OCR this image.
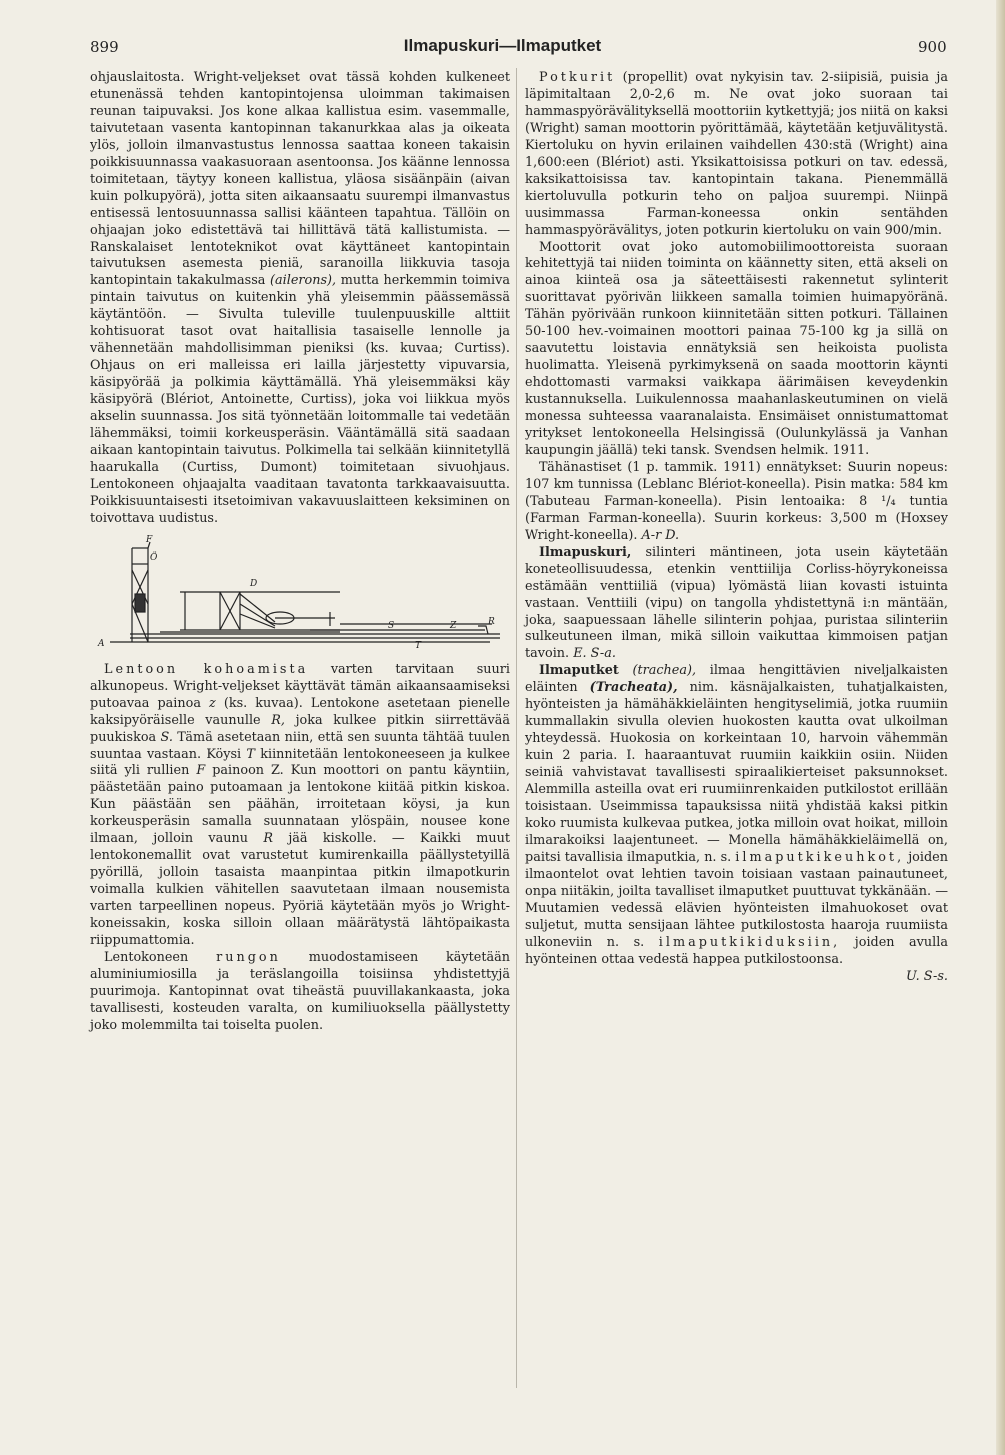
899	Ilmapuskuri—Ilmaputket	900

ohjauslaitosta. Wright-veljekset ovat tässä kohden kulkeneet etunenässä tehden kantopintojensa uloimman takimaisen reunan taipuvaksi. Jos kone alkaa kallistua esim. vasemmalle, taivutetaan vasenta kantopinnan takanurkkaa alas ja oikeata ylös, jolloin ilmanvastustus lennossa saattaa koneen takaisin poikkisuunnassa vaakasuoraan asentoonsa. Jos käänne lennossa toimitetaan, täytyy koneen kallistua, yläosa sisäänpäin (aivan kuin polkupyörä), jotta siten aikaansaatu suurempi ilmanvastus entisessä lentosuunnassa sallisi käänteen tapahtua. Tällöin on ohjaajan joko edistettävä tai hillittävä tätä kallistumista. — Ranskalaiset lentoteknikot ovat käyttäneet kantopintain taivutuksen asemesta pieniä, saranoilla liikkuvia tasoja kantopintain takakulmassa (ailerons), mutta herkemmin toimiva pintain taivutus on kuitenkin yhä yleisemmin päässemässä käytäntöön. — Sivulta tuleville tuulenpuuskille alttiit kohtisuorat tasot ovat haitallisia tasaiselle lennolle ja vähennetään mahdollisimman pieniksi (ks. kuvaa; Curtiss). Ohjaus on eri malleissa eri lailla järjestetty vipuvarsia, käsipyörää ja polkimia käyttämällä. Yhä yleisemmäksi käy käsipyörä (Blériot, Antoinette, Curtiss), joka voi liikkua myös akselin suunnassa. Jos sitä työnnetään loitommalle tai vedetään lähemmäksi, toimii korkeusperäsin. Vääntämällä sitä saadaan aikaan kantopintain taivutus. Polkimella tai selkään kiinnitetyllä haarukalla (Curtiss, Dumont) toimitetaan sivuohjaus. Lentokoneen ohjaajalta vaaditaan tavatonta tarkkaavaisuutta. Poikkisuuntaisesti itsetoimivan vakavuuslaitteen keksiminen on toivottava uudistus.

F
Ö
D
R
S	Z
A	T

Lentoon kohoamista varten tarvitaan suuri alkunopeus. Wright-veljekset käyttävät tämän aikaansaamiseksi putoavaa painoa z (ks. kuvaa). Lentokone asetetaan pienelle kaksipyöräiselle vaunulle R, joka kulkee pitkin siirrettävää puukiskoa S. Tämä asetetaan niin, että sen suunta tähtää tuulen suuntaa vastaan. Köysi T kiinnitetään lentokoneeseen ja kulkee siitä yli rullien F painoon Z. Kun moottori on pantu käyntiin, päästetään paino putoamaan ja lentokone kiitää pitkin kiskoa. Kun päästään sen päähän, irroitetaan köysi, ja kun korkeusperäsin samalla suunnataan ylöspäin, nousee kone ilmaan, jolloin vaunu R jää kiskolle. — Kaikki muut lentokonemallit ovat varustetut kumirenkailla päällystetyillä pyörillä, jolloin tasaista maanpintaa pitkin ilmapotkurin voimalla kulkien vähitellen saavutetaan ilmaan nousemista varten tarpeellinen nopeus. Pyöriä käytetään myös jo Wright-koneissakin, koska silloin ollaan määrätystä lähtöpaikasta riippumattomia.

Lentokoneen rungon muodostamiseen käytetään aluminiumiosilla ja teräslangoilla toisiinsa yhdistettyjä puurimoja. Kantopinnat ovat tiheästä puuvillakankaasta, joka tavallisesti, kosteuden varalta, on kumiliuoksella päällystetty joko molemmilta tai toiselta puolen.

Potkurit (propellit) ovat nykyisin tav. 2-siipisiä, puisia ja läpimitaltaan 2,0-2,6 m. Ne ovat joko suoraan tai hammaspyörävälityksellä moottoriin kytkettyjä; jos niitä on kaksi (Wright) saman moottorin pyörittämää, käytetään ketjuvälitystä. Kiertoluku on hyvin erilainen vaihdellen 430:stä (Wright) aina 1,600:een (Blériot) asti. Yksikattoisissa potkuri on tav. edessä, kaksikattoisissa tav. kantopintain takana. Pienemmällä kiertoluvulla potkurin teho on paljoa suurempi. Niinpä uusimmassa Farman-koneessa onkin sentähden hammaspyörävälitys, joten potkurin kiertoluku on vain 900/min.

Moottorit ovat joko automobiilimoottoreista suoraan kehitettyjä tai niiden toiminta on käännetty siten, että akseli on ainoa kiinteä osa ja säteettäisesti rakennetut sylinterit suorittavat pyörivän liikkeen samalla toimien huimapyöränä. Tähän pyörivään runkoon kiinnitetään sitten potkuri. Tällainen 50-100 hev.-voimainen moottori painaa 75-100 kg ja sillä on saavutettu loistavia ennätyksiä sen heikoista puolista huolimatta. Yleisenä pyrkimyksenä on saada moottorin käynti ehdottomasti varmaksi vaikkapa äärimäisen keveydenkin kustannuksella. Luikulennossa maahanlaskeutuminen on vielä monessa suhteessa vaaranalaista. Ensimäiset onnistumattomat yritykset lentokoneella Helsingissä (Oulunkylässä ja Vanhan kaupungin jäällä) teki tansk. Svendsen helmik. 1911.

Tähänastiset (1 p. tammik. 1911) ennätykset: Suurin nopeus: 107 km tunnissa (Leblanc Blériot-koneella). Pisin matka: 584 km (Tabuteau Farman-koneella). Pisin lentoaika: 8 ¹/₄ tuntia (Farman Farman-koneella). Suurin korkeus: 3,500 m (Hoxsey Wright-koneella). A-r D.

Ilmapuskuri, silinteri mäntineen, jota usein käytetään koneteollisuudessa, etenkin venttiilija Corliss-höyrykoneissa estämään venttiiliä (vipua) lyömästä liian kovasti istuinta vastaan. Venttiili (vipu) on tangolla yhdistettynä i:n mäntään, joka, saapuessaan lähelle silinterin pohjaa, puristaa silinteriin sulkeutuneen ilman, mikä silloin vaikuttaa kimmoisen patjan tavoin. E. S-a.

Ilmaputket (trachea), ilmaa hengittävien niveljalkaisten eläinten (Tracheata), nim. käsnäjalkaisten, tuhatjalkaisten, hyönteisten ja hämähäkkieläinten hengityselimiä, jotka ruumiin kummallakin sivulla olevien huokosten kautta ovat ulkoilman yhteydessä. Huokosia on korkeintaan 10, harvoin vähemmän kuin 2 paria. I. haaraantuvat ruumiin kaikkiin osiin. Niiden seiniä vahvistavat tavallisesti spiraalikierteiset paksunnokset. Alemmilla asteilla ovat eri ruumiinrenkaiden putkilostot erillään toisistaan. Useimmissa tapauksissa niitä yhdistää kaksi pitkin koko ruumista kulkevaa putkea, jotka milloin ovat hoikat, milloin ilmarakoiksi laajentuneet. — Monella hämähäkkieläimellä on, paitsi tavallisia ilmaputkia, n. s. ilmaputkikeuhkot, joiden ilmaontelot ovat lehtien tavoin toisiaan vastaan painautuneet, onpa niitäkin, joilta tavalliset ilmaputket puuttuvat tykkänään. — Muutamien vedessä elävien hyönteisten ilmahuokoset ovat suljetut, mutta sensijaan lähtee putkilostosta haaroja ruumiista ulkoneviin n. s. ilmaputkikiduksiin, joiden avulla hyönteinen ottaa vedestä happea putkilostoonsa.

U. S-s.
